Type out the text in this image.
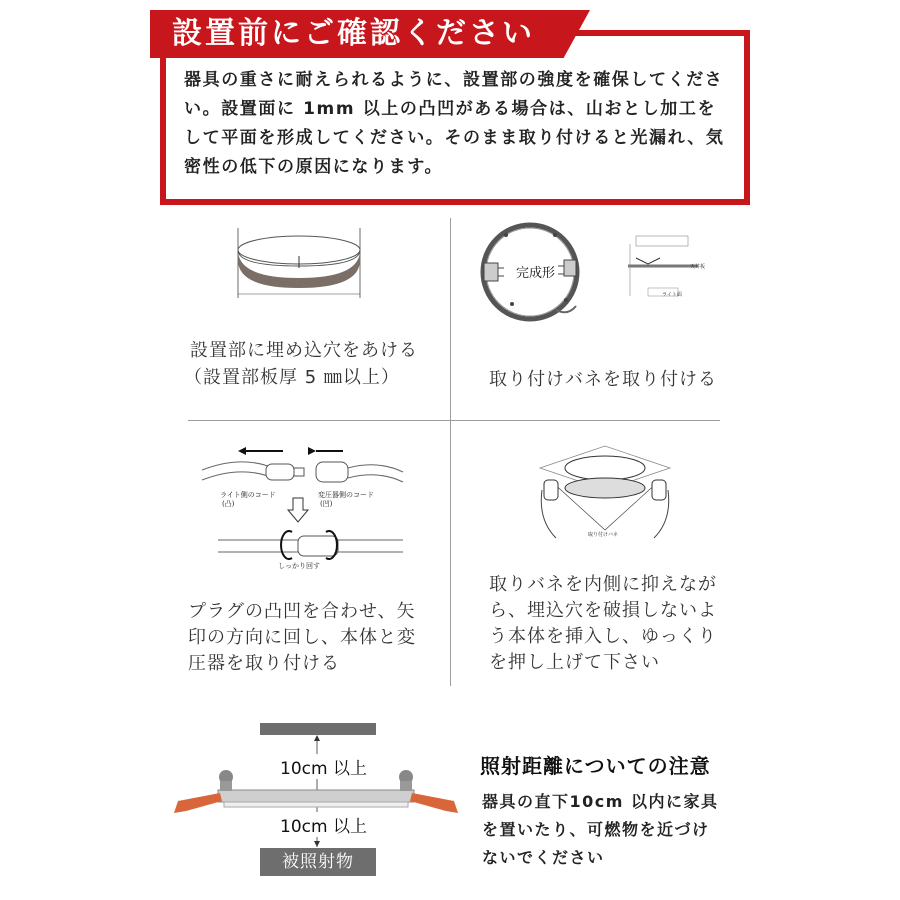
設置前にご確認ください
器具の重さに耐えられるように、設置部の強度を確保してください。設置面に 1mm 以上の凸凹がある場合は、山おとし加工をして平面を形成してください。そのまま取り付けると光漏れ、気密性の低下の原因になります。
設置部に埋め込穴をあける
（設置部板厚 5 ㎜以上）
完成形	天井板
ライト面
取り付けバネを取り付ける
ライト側のコード
(凸)
変圧器側のコード
(凹)
しっかり回す
プラグの凸凹を合わせ、矢
印の方向に回し、本体と変
圧器を取り付ける
取り付けバネ
取りバネを内側に抑えなが
ら、埋込穴を破損しないよ
う本体を挿入し、ゆっくり
を押し上げて下さい
10cm 以上
10cm 以上
被照射物
照射距離についての注意
器具の直下10cm 以内に家具
を置いたり、可燃物を近づけ
ないでください
